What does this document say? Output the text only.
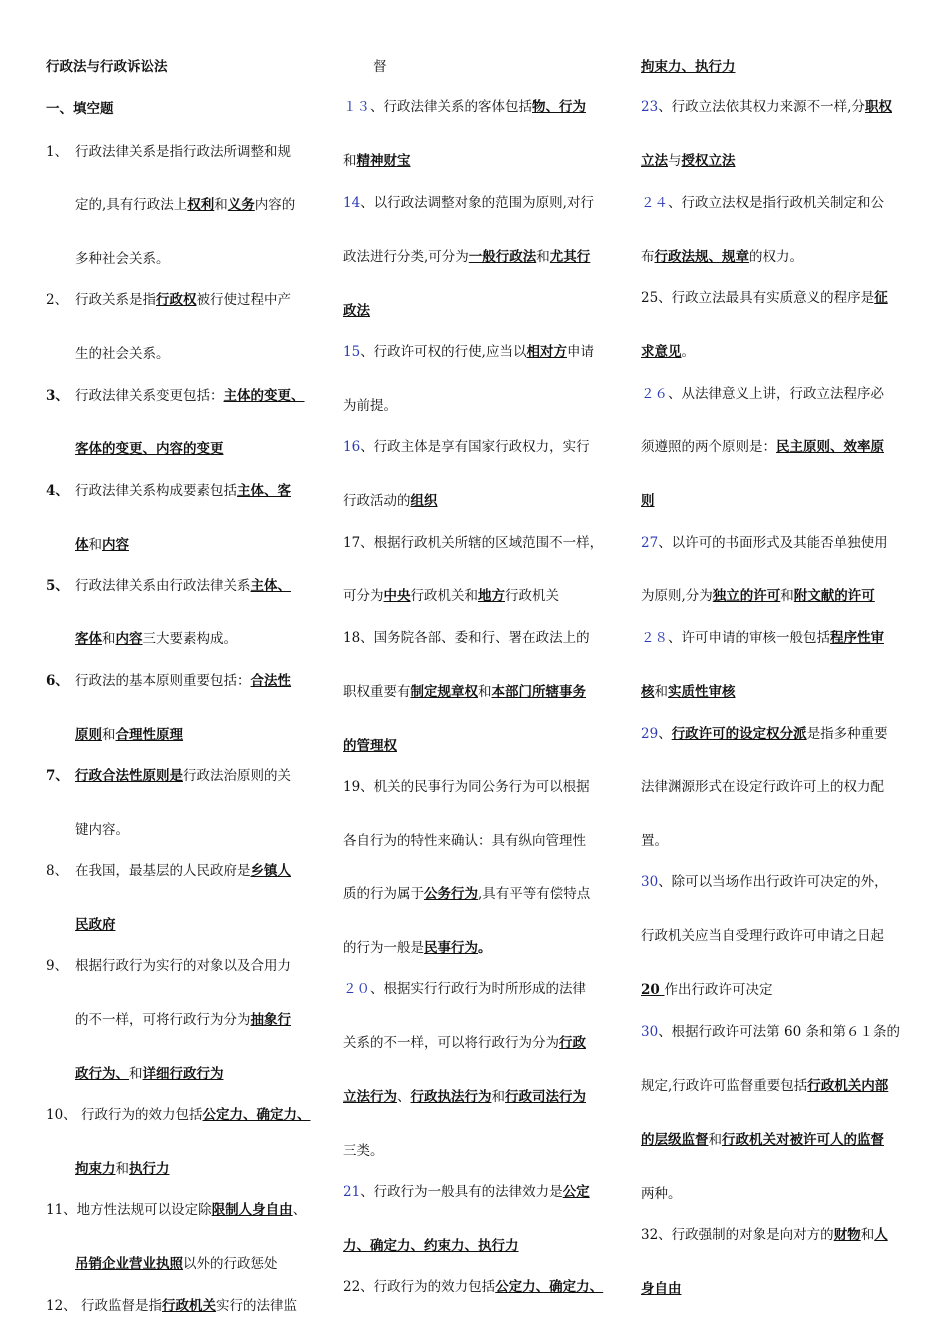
行政法与行政诉讼法
一、填空题
1、 行政法律关系是指行政法所调整和规
定的,具有行政法上权利和义务内容的
多种社会关系。
2、 行政关系是指行政权被行使过程中产
生的社会关系。
3、 行政法律关系变更包括：主体的变更、
客体的变更、内容的变更
4、 行政法律关系构成要素包括主体、客
体和内容
5、 行政法律关系由行政法律关系主体、
客体和内容三大要素构成。
6、 行政法的基本原则重要包括：合法性
原则和合理性原理
7、 行政合法性原则是行政法治原则的关
键内容。
8、 在我国，最基层的人民政府是乡镇人
民政府
9、 根据行政行为实行的对象以及合用力
的不一样，可将行政行为分为抽象行
政行为、和详细行政行为
10、 行政行为的效力包括公定力、确定力、
拘束力和执行力
11、地方性法规可以设定除限制人身自由、
吊销企业营业执照以外的行政惩处
12、 行政监督是指行政机关实行的法律监
督
１３、行政法律关系的客体包括物、行为
和精神财宝
14、以行政法调整对象的范围为原则,对行
政法进行分类,可分为一般行政法和尤其行
政法
15、行政许可权的行使,应当以相对方申请
为前提。
16、行政主体是享有国家行政权力，实行
行政活动的组织
17、根据行政机关所辖的区域范围不一样，
可分为中央行政机关和地方行政机关
18、国务院各部、委和行、署在政法上的
职权重要有制定规章权和本部门所辖事务
的管理权
19、机关的民事行为同公务行为可以根据
各自行为的特性来确认：具有纵向管理性
质的行为属于公务行为,具有平等有偿特点
的行为一般是民事行为。
２０、根据实行行政行为时所形成的法律
关系的不一样，可以将行政行为分为行政
立法行为、行政执法行为和行政司法行为
三类。
21、行政行为一般具有的法律效力是公定
力、确定力、约束力、执行力
22、行政行为的效力包括公定力、确定力、
拘束力、执行力
23、行政立法依其权力来源不一样,分职权
立法与授权立法
２４、行政立法权是指行政机关制定和公
布行政法规、规章的权力。
25、行政立法最具有实质意义的程序是征
求意见。
２６、从法律意义上讲，行政立法程序必
须遵照的两个原则是：民主原则、效率原
则
27、以许可的书面形式及其能否单独使用
为原则,分为独立的许可和附文献的许可
２８、许可申请的审核一般包括程序性审
核和实质性审核
29、行政许可的设定权分派是指多种重要
法律渊源形式在设定行政许可上的权力配
置。
30、除可以当场作出行政许可决定的外，
行政机关应当自受理行政许可申请之日起
20 作出行政许可决定
30、根据行政许可法第 60 条和第６１条的
规定,行政许可监督重要包括行政机关内部
的层级监督和行政机关对被许可人的监督
两种。
32、行政强制的对象是向对方的财物和人
身自由
